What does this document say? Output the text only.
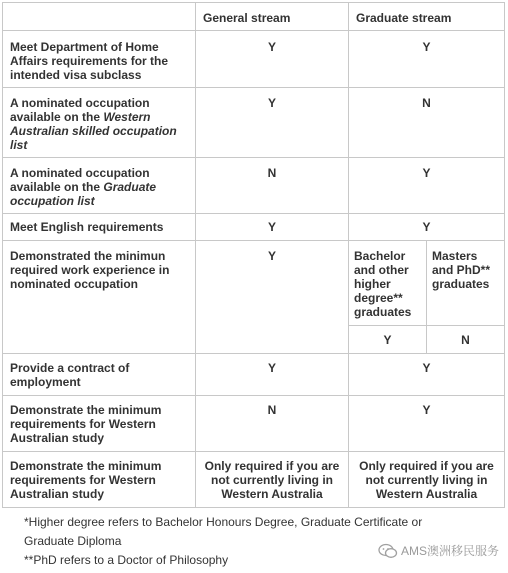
	General stream	Graduate stream	
Meet Department of Home Affairs requirements for the intended visa subclass	Y	Y	
A nominated occupation available on the Western Australian skilled occupation list	Y	N	
A nominated occupation available on the Graduate occupation list	N	Y	
Meet English requirements	Y	Y	
Demonstrated the minimun required work experience in nominated occupation	Y	Bachelor and other higher degree** graduates	Masters and PhD** graduates
		Y	N
Provide a contract of employment	Y	Y	
Demonstrate the minimum requirements for Western Australian study	N	Y	
Demonstrate the minimum requirements for Western Australian study	Only required if you are not currently living in Western Australia	Only required if you are not currently living in Western Australia	
*Higher degree refers to Bachelor Honours Degree, Graduate Certificate or
Graduate Diploma
**PhD refers to a Doctor of Philosophy
AMS澳洲移民服务
